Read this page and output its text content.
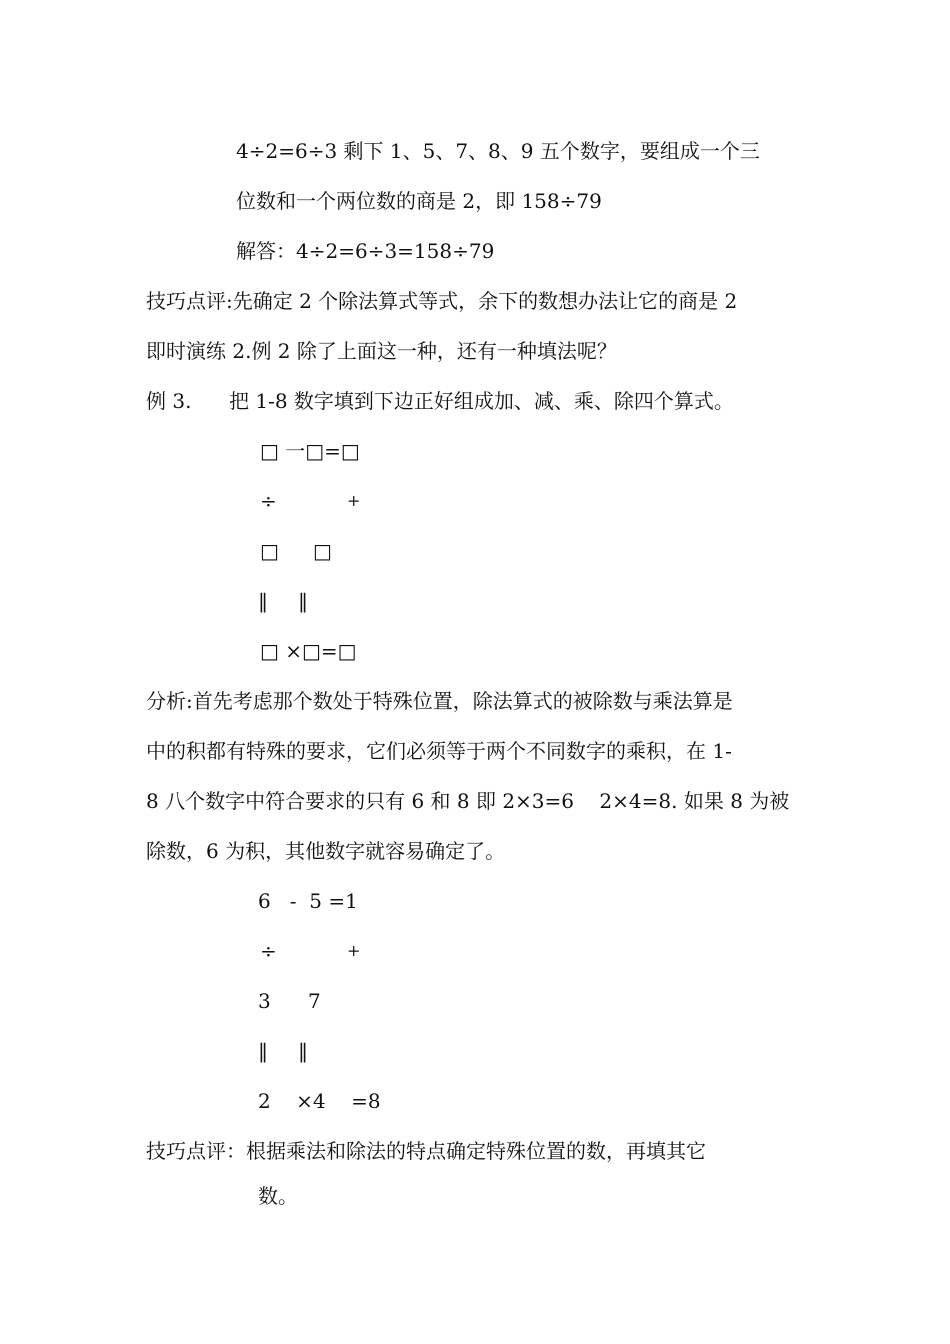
4÷2=6÷3 剩下 1、5、7、8、9 五个数字，要组成一个三
位数和一个两位数的商是 2，即 158÷79
解答：4÷2=6÷3=158÷79
技巧点评:先确定 2 个除法算式等式，余下的数想办法让它的商是 2
即时演练 2.例 2 除了上面这一种，还有一种填法呢？
例 3. 把 1-8 数字填到下边正好组成加、减、乘、除四个算式。
□ 一□=□
÷	+
□ □
‖ ‖
□ ×□=□
分析:首先考虑那个数处于特殊位置，除法算式的被除数与乘法算是
中的积都有特殊的要求，它们必须等于两个不同数字的乘积，在 1-
8 八个数字中符合要求的只有 6 和 8 即 2×3=6    2×4=8. 如果 8 为被
除数，6 为积，其他数字就容易确定了。
6   -  5 =1
÷	+
3 7
‖ ‖
2    ×4    =8
技巧点评：根据乘法和除法的特点确定特殊位置的数，再填其它
数。
